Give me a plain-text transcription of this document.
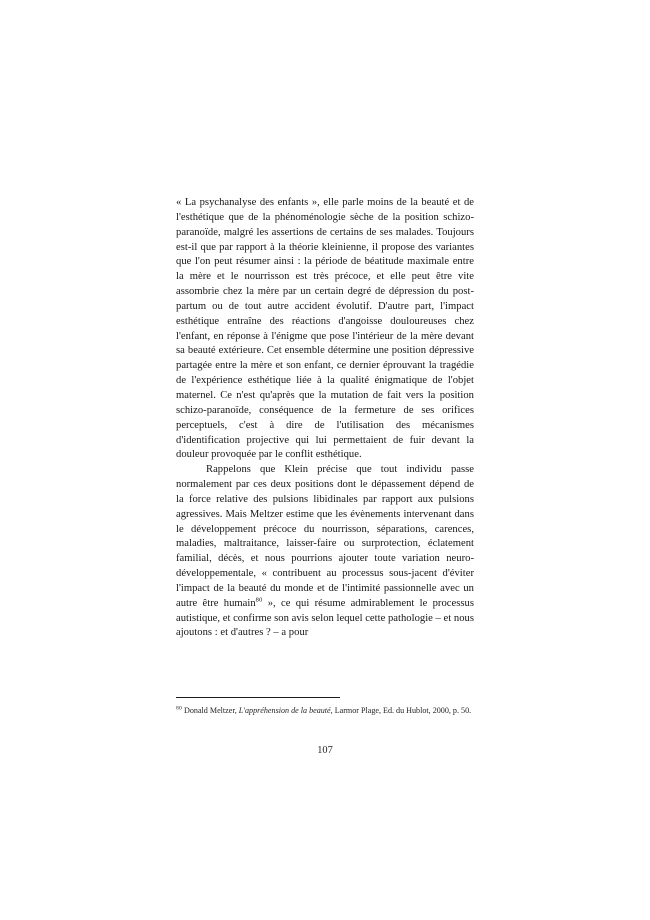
« La psychanalyse des enfants », elle parle moins de la beauté et de l'esthétique que de la phénoménologie sèche de la position schizo-paranoïde, malgré les assertions de certains de ses malades. Toujours est-il que par rapport à la théorie kleinienne, il propose des variantes que l'on peut résumer ainsi : la période de béatitude maximale entre la mère et le nourrisson est très précoce, et elle peut être vite assombrie chez la mère par un certain degré de dépression du post-partum ou de tout autre accident évolutif. D'autre part, l'impact esthétique entraîne des réactions d'angoisse douloureuses chez l'enfant, en réponse à l'énigme que pose l'intérieur de la mère devant sa beauté extérieure. Cet ensemble détermine une position dépressive partagée entre la mère et son enfant, ce dernier éprouvant la tragédie de l'expérience esthétique liée à la qualité énigmatique de l'objet maternel. Ce n'est qu'après que la mutation de fait vers la position schizo-paranoïde, conséquence de la fermeture de ses orifices perceptuels, c'est à dire de l'utilisation des mécanismes d'identification projective qui lui permettaient de fuir devant la douleur provoquée par le conflit esthétique.

Rappelons que Klein précise que tout individu passe normalement par ces deux positions dont le dépassement dépend de la force relative des pulsions libidinales par rapport aux pulsions agressives. Mais Meltzer estime que les évènements intervenant dans le développement précoce du nourrisson, séparations, carences, maladies, maltraitance, laisser-faire ou surprotection, éclatement familial, décès, et nous pourrions ajouter toute variation neuro-développementale, « contribuent au processus sous-jacent d'éviter l'impact de la beauté du monde et de l'intimité passionnelle avec un autre être humain$^{80}$ », ce qui résume admirablement le processus autistique, et confirme son avis selon lequel cette pathologie – et nous ajoutons : et d'autres ? – a pour

$^{80}$ Donald Meltzer, L'appréhension de la beauté, Larmor Plage, Ed. du Hublot, 2000, p. 50.

107
